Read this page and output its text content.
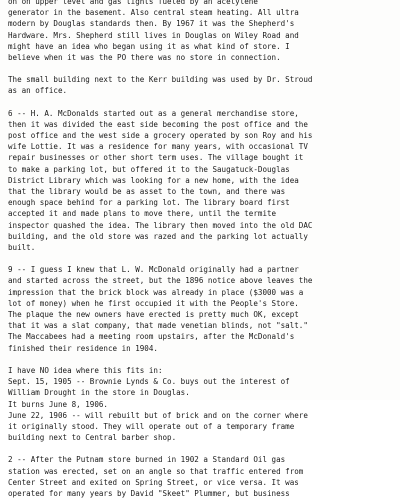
on on upper level and gas lights fueled by an acetylene
generator in the basement. Also central steam heating. All ultra
modern by Douglas standards then. By 1967 it was the Shepherd's
Hardware. Mrs. Shepherd still lives in Douglas on Wiley Road and
might have an idea who began using it as what kind of store. I
believe when it was the PO there was no store in connection.
The small building next to the Kerr building was used by Dr. Stroud
as an office.
6 -- H. A. McDonalds started out as a general merchandise store,
then it was divided the east side becoming the post office and the
post office and the west side a grocery operated by son Roy and his
wife Lottie. It was a residence for many years, with occasional TV
repair businesses or other short term uses. The village bought it
to make a parking lot, but offered it to the Saugatuck-Douglas
District Library which was looking for a new home, with the idea
that the library would be as asset to the town, and there was
enough space behind for a parking lot. The library board first
accepted it and made plans to move there, until the termite
inspector quashed the idea. The library then moved into the old DAC
building, and the old store was razed and the parking lot actually
built.
9 -- I guess I knew that L. W. McDonald originally had a partner
and started across the street, but the 1896 notice above leaves the
impression that the brick block was already in place ($3000 was a
lot of money) when he first occupied it with the People's Store.
The plaque the new owners have erected is pretty much OK, except
that it was a slat company, that made venetian blinds, not "salt."
The Maccabees had a meeting room upstairs, after the McDonald's
finished their residence in 1904.
I have NO idea where this fits in:
Sept. 15, 1905 -- Brownie Lynds & Co. buys out the interest of
William Drought in the store in Douglas.
It burns June 8, 1906.
June 22, 1906 -- will rebuilt but of brick and on the corner where
it originally stood. They will operate out of a temporary frame
building next to Central barber shop.
2 -- After the Putnam store burned in 1902 a Standard Oil gas
station was erected, set on an angle so that traffic entered from
Center Street and exited on Spring Street, or vice versa. It was
operated for many years by David "Skeet" Plummer, but business
